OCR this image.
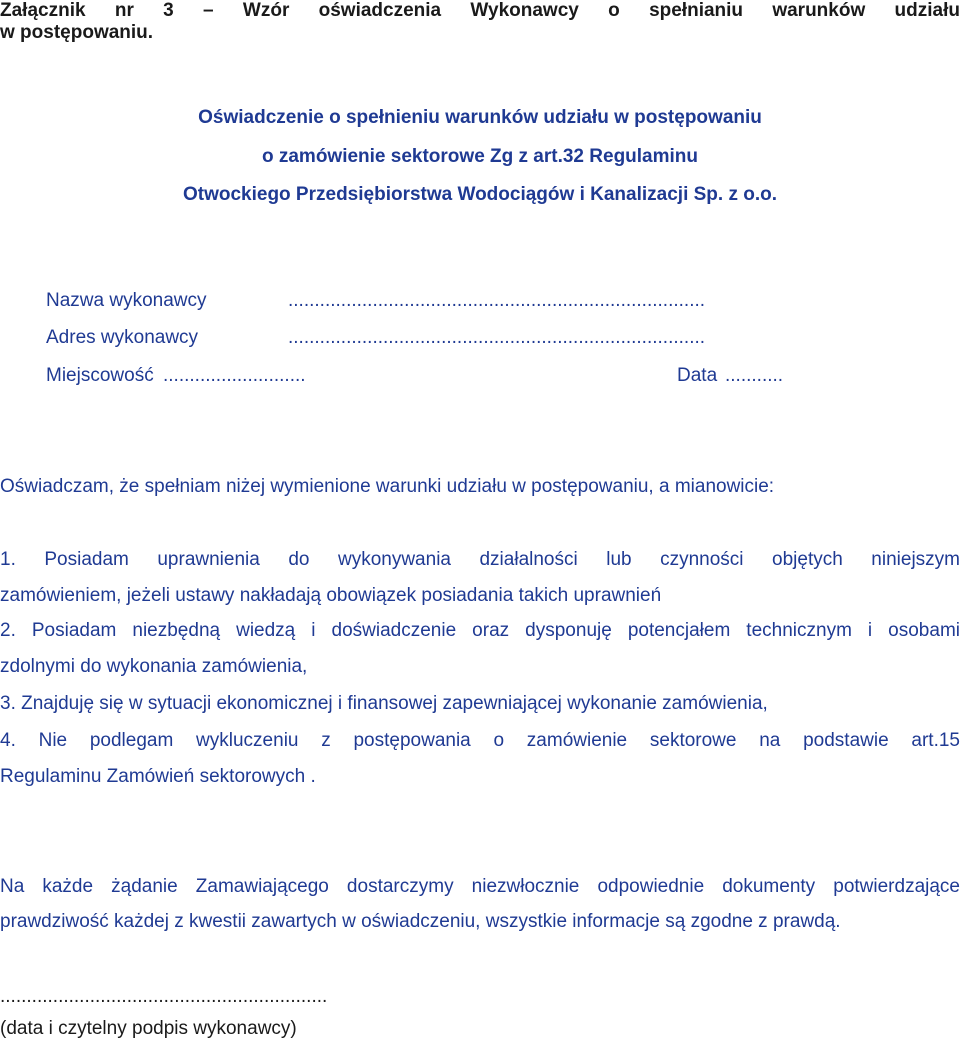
Załącznik nr 3 – Wzór oświadczenia Wykonawcy o spełnianiu warunków udziału

w postępowaniu.

Oświadczenie o spełnieniu warunków udziału w postępowaniu

o zamówienie sektorowe Zg z art.32 Regulaminu

Otwockiego Przedsiębiorstwa Wodociągów i Kanalizacji Sp. z o.o.

Nazwa wykonawcy	...............................................................................
Adres wykonawcy	...............................................................................
Miejscowość ...........................	Data ...........

Oświadczam, że spełniam niżej wymienione warunki udziału w postępowaniu, a mianowicie:

1. Posiadam uprawnienia do wykonywania działalności lub czynności objętych niniejszym

zamówieniem, jeżeli ustawy nakładają obowiązek posiadania takich uprawnień

2. Posiadam niezbędną wiedzą i doświadczenie oraz dysponuję potencjałem technicznym i osobami

zdolnymi do wykonania zamówienia,

3. Znajduję się w sytuacji ekonomicznej i finansowej zapewniającej wykonanie zamówienia,

4. Nie podlegam wykluczeniu z postępowania o zamówienie sektorowe na podstawie art.15

Regulaminu Zamówień sektorowych .

Na każde żądanie Zamawiającego dostarczymy niezwłocznie odpowiednie dokumenty potwierdzające

prawdziwość każdej z kwestii zawartych w oświadczeniu, wszystkie informacje są zgodne z prawdą.

..............................................................

(data i czytelny podpis wykonawcy)
